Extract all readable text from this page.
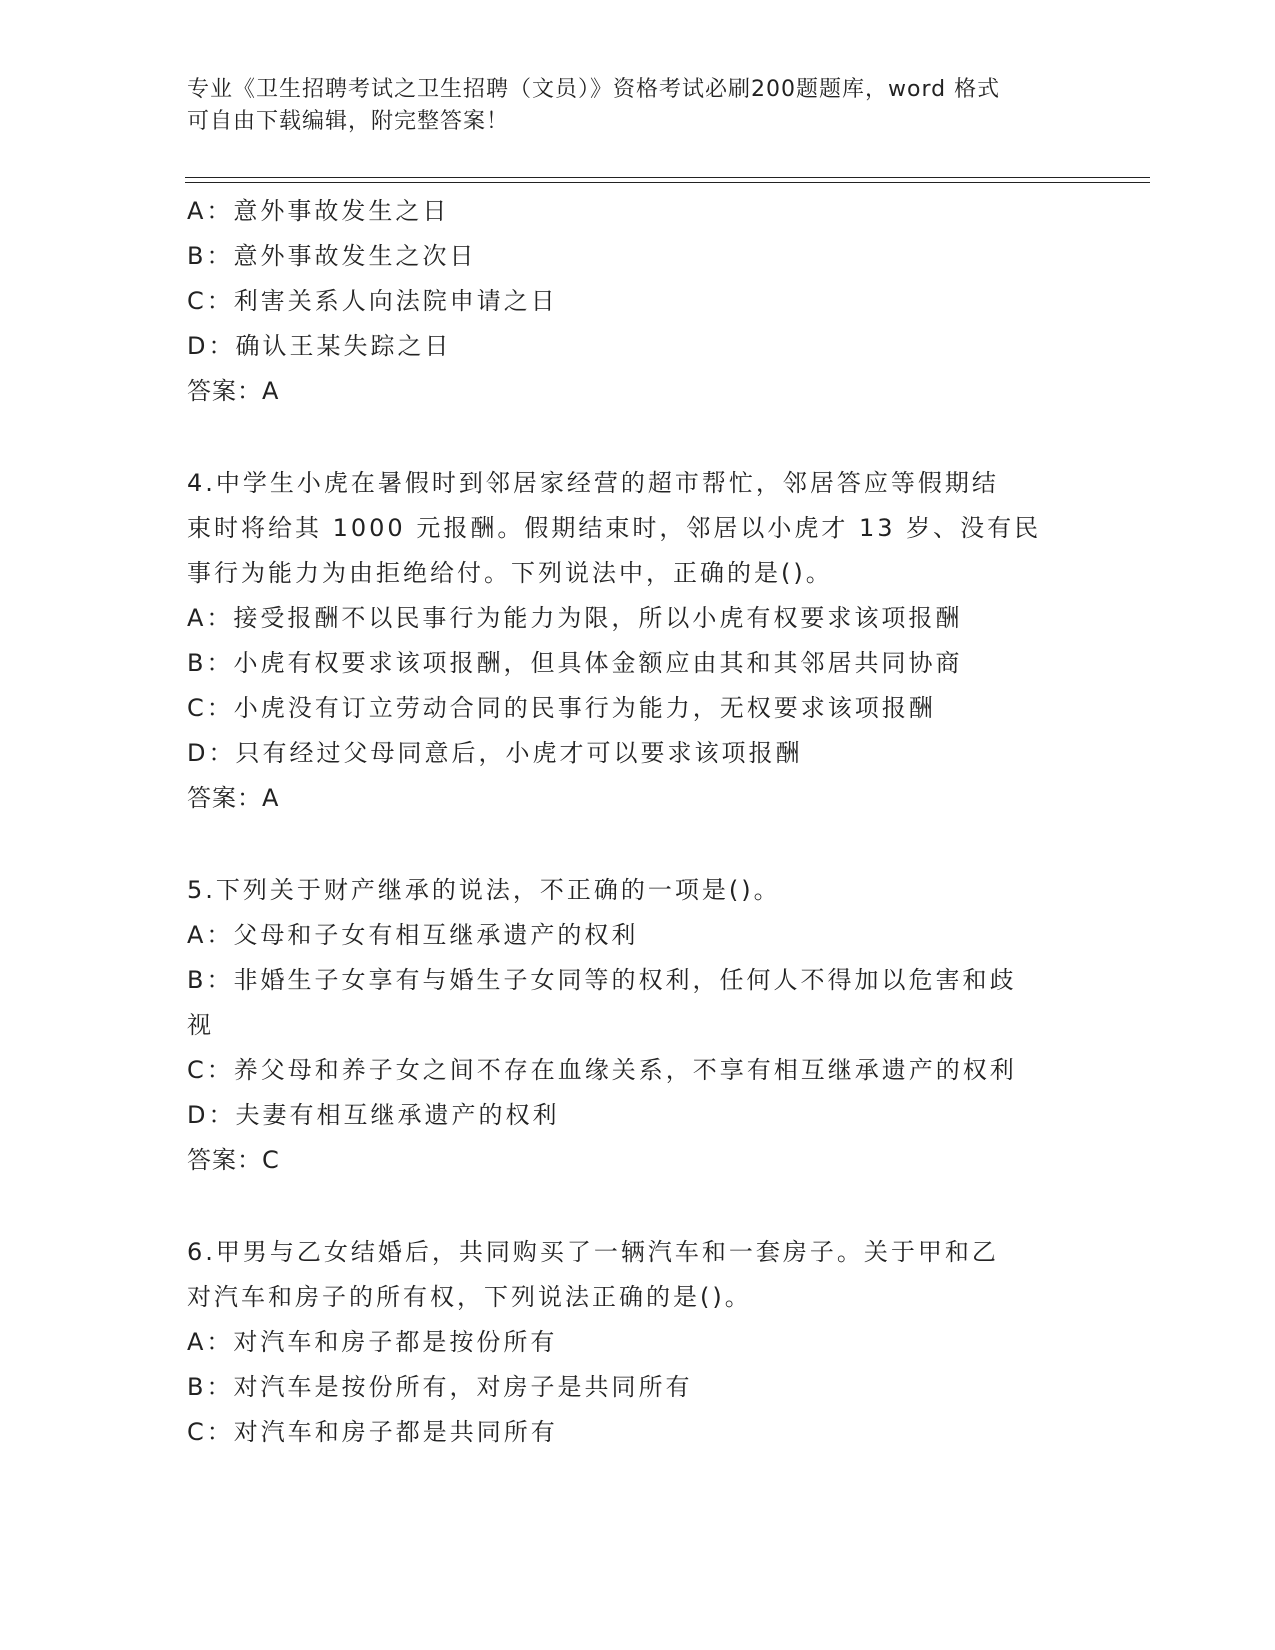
专业《卫生招聘考试之卫生招聘（文员）》资格考试必刷200题题库，word 格式
可自由下载编辑，附完整答案！
A：意外事故发生之日
B：意外事故发生之次日
C：利害关系人向法院申请之日
D：确认王某失踪之日
答案：A
4.中学生小虎在暑假时到邻居家经营的超市帮忙，邻居答应等假期结
束时将给其 1000 元报酬。假期结束时，邻居以小虎才 13 岁、没有民
事行为能力为由拒绝给付。下列说法中，正确的是()。
A：接受报酬不以民事行为能力为限，所以小虎有权要求该项报酬
B：小虎有权要求该项报酬，但具体金额应由其和其邻居共同协商
C：小虎没有订立劳动合同的民事行为能力，无权要求该项报酬
D：只有经过父母同意后，小虎才可以要求该项报酬
答案：A
5.下列关于财产继承的说法，不正确的一项是()。
A：父母和子女有相互继承遗产的权利
B：非婚生子女享有与婚生子女同等的权利，任何人不得加以危害和歧
视
C：养父母和养子女之间不存在血缘关系，不享有相互继承遗产的权利
D：夫妻有相互继承遗产的权利
答案：C
6.甲男与乙女结婚后，共同购买了一辆汽车和一套房子。关于甲和乙
对汽车和房子的所有权，下列说法正确的是()。
A：对汽车和房子都是按份所有
B：对汽车是按份所有，对房子是共同所有
C：对汽车和房子都是共同所有
